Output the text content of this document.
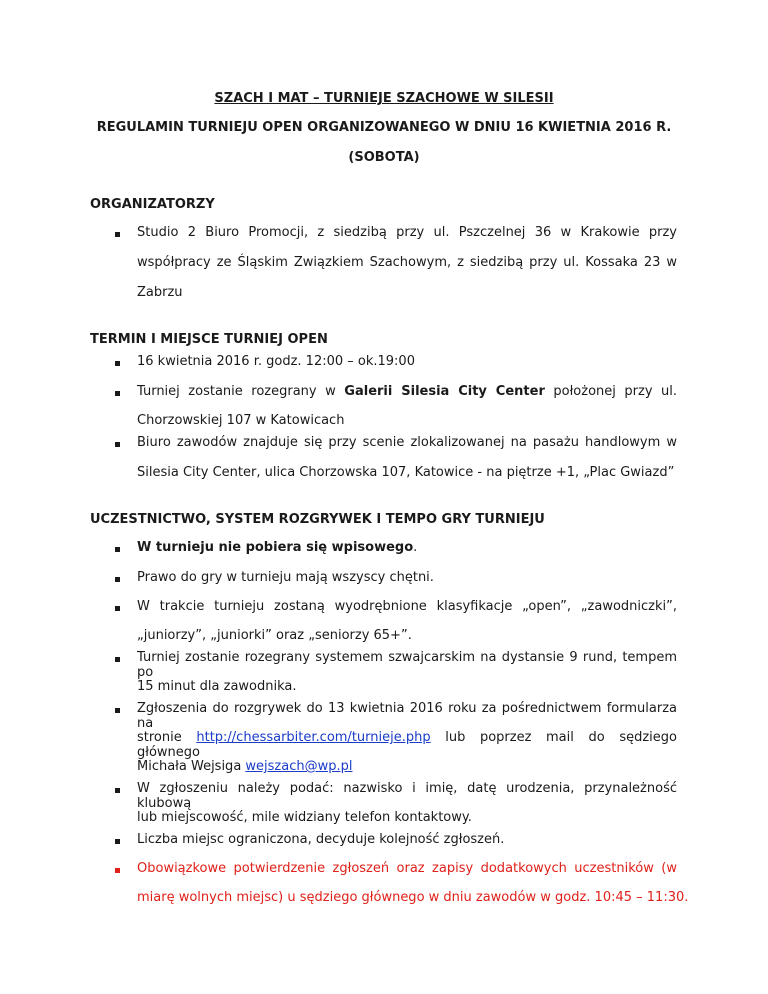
SZACH I MAT – TURNIEJE SZACHOWE W SILESII
REGULAMIN TURNIEJU OPEN ORGANIZOWANEGO W DNIU 16 KWIETNIA 2016 R.
(SOBOTA)
ORGANIZATORZY
Studio 2 Biuro Promocji, z siedzibą przy ul. Pszczelnej 36 w Krakowie przy
współpracy ze Śląskim Związkiem Szachowym, z siedzibą przy ul. Kossaka 23 w
Zabrzu
TERMIN I MIEJSCE TURNIEJ OPEN
16 kwietnia 2016 r. godz. 12:00 – ok.19:00
Turniej zostanie rozegrany w Galerii Silesia City Center położonej przy ul.
Chorzowskiej 107 w Katowicach
Biuro zawodów znajduje się przy scenie zlokalizowanej na pasażu handlowym w
Silesia City Center, ulica Chorzowska 107, Katowice - na piętrze +1, „Plac Gwiazd”
UCZESTNICTWO, SYSTEM ROZGRYWEK I TEMPO GRY TURNIEJU
W turnieju nie pobiera się wpisowego.
Prawo do gry w turnieju mają wszyscy chętni.
W trakcie turnieju zostaną wyodrębnione klasyfikacje „open”, „zawodniczki”,
„juniorzy”, „juniorki” oraz „seniorzy 65+”.
Turniej zostanie rozegrany systemem szwajcarskim na dystansie 9 rund, tempem po
15 minut dla zawodnika.
Zgłoszenia do rozgrywek do 13 kwietnia 2016 roku za pośrednictwem formularza na
stronie http://chessarbiter.com/turnieje.php lub poprzez mail do sędziego głównego
Michała Wejsiga wejszach@wp.pl
W zgłoszeniu należy podać: nazwisko i imię, datę urodzenia, przynależność klubową
lub miejscowość, mile widziany telefon kontaktowy.
Liczba miejsc ograniczona, decyduje kolejność zgłoszeń.
Obowiązkowe potwierdzenie zgłoszeń oraz zapisy dodatkowych uczestników (w
miarę wolnych miejsc) u sędziego głównego w dniu zawodów w godz. 10:45 – 11:30.
